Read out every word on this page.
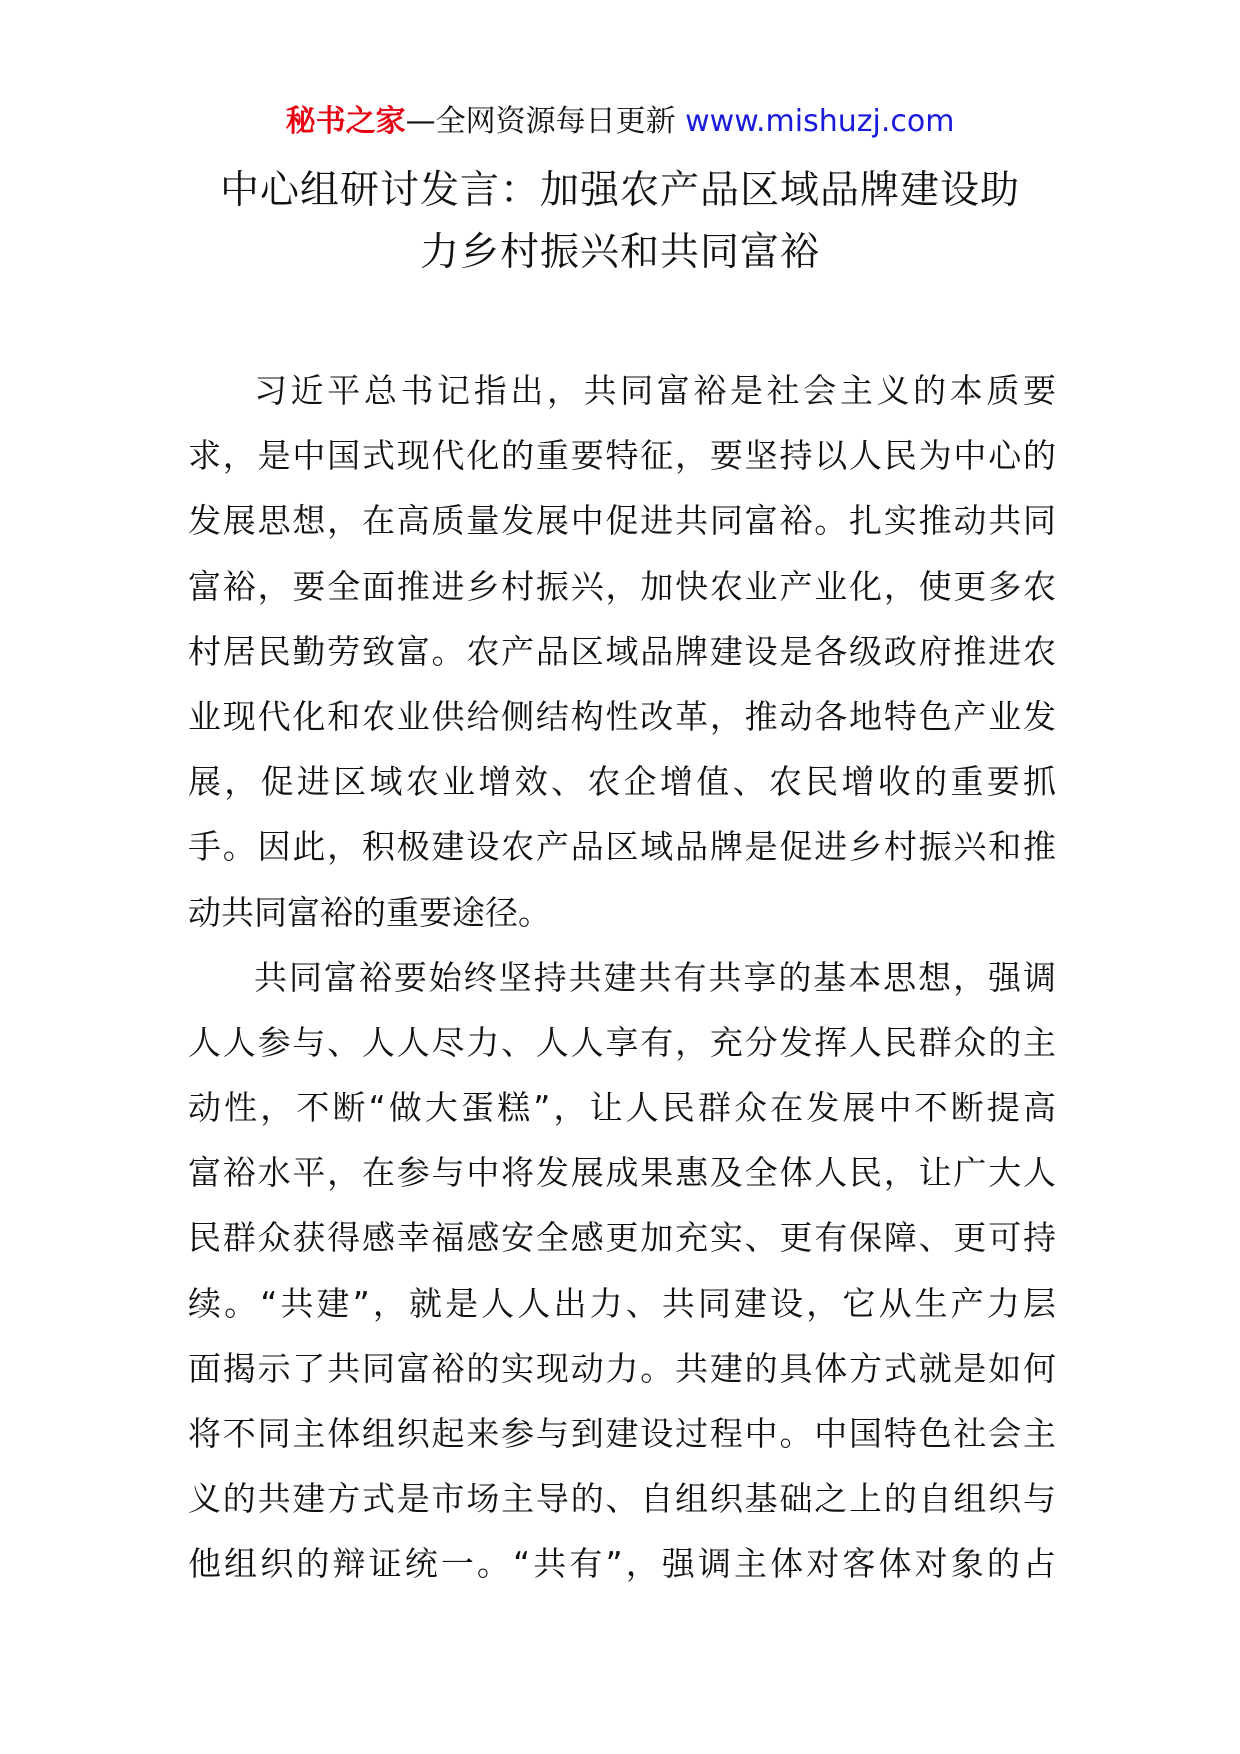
秘书之家—全网资源每日更新 www.mishuzj.com
中心组研讨发言：加强农产品区域品牌建设助
力乡村振兴和共同富裕
习近平总书记指出，共同富裕是社会主义的本质要
求，是中国式现代化的重要特征，要坚持以人民为中心的
发展思想，在高质量发展中促进共同富裕。扎实推动共同
富裕，要全面推进乡村振兴，加快农业产业化，使更多农
村居民勤劳致富。农产品区域品牌建设是各级政府推进农
业现代化和农业供给侧结构性改革，推动各地特色产业发
展，促进区域农业增效、农企增值、农民增收的重要抓
手。因此，积极建设农产品区域品牌是促进乡村振兴和推
动共同富裕的重要途径。
共同富裕要始终坚持共建共有共享的基本思想，强调
人人参与、人人尽力、人人享有，充分发挥人民群众的主
动性，不断“做大蛋糕”，让人民群众在发展中不断提高
富裕水平，在参与中将发展成果惠及全体人民，让广大人
民群众获得感幸福感安全感更加充实、更有保障、更可持
续。“共建”，就是人人出力、共同建设，它从生产力层
面揭示了共同富裕的实现动力。共建的具体方式就是如何
将不同主体组织起来参与到建设过程中。中国特色社会主
义的共建方式是市场主导的、自组织基础之上的自组织与
他组织的辩证统一。“共有”，强调主体对客体对象的占
